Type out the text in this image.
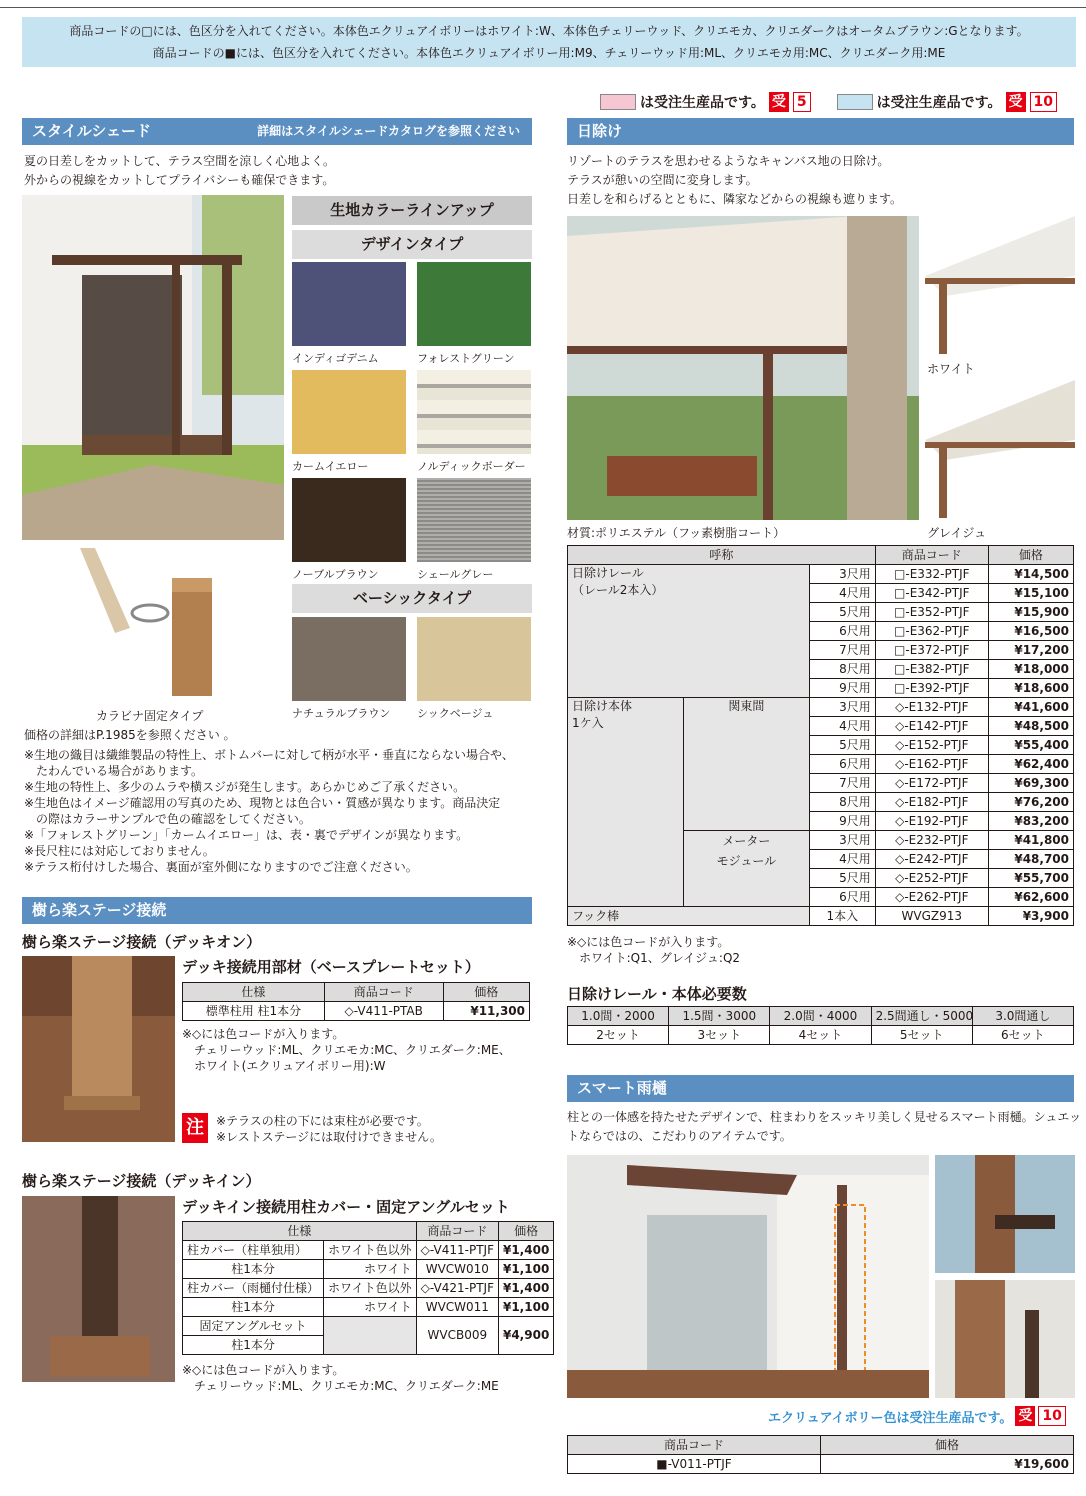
商品コードの□には、色区分を入れてください。本体色エクリュアイボリーはホワイト:W、本体色チェリーウッド、クリエモカ、クリエダークはオータムブラウン:Gとなります。
商品コードの■には、色区分を入れてください。本体色エクリュアイボリー用:M9、チェリーウッド用:ML、クリエモカ用:MC、クリエダーク用:ME
は受注生産品です。 受 5	は受注生産品です。 受 10
スタイルシェード	詳細はスタイルシェードカタログを参照ください
夏の日差しをカットして、テラス空間を涼しく心地よく。
外からの視線をカットしてプライバシーも確保できます。
カラビナ固定タイプ
生地カラーラインアップ
デザインタイプ
インディゴデニム	フォレストグリーン
カームイエロー	ノルディックボーダー
ノーブルブラウン	シェールグレー
ベーシックタイプ
ナチュラルブラウン シックベージュ
価格の詳細はP.1985を参照ください 。
※生地の織目は繊維製品の特性上、ボトムバーに対して柄が水平・垂直にならない場合や、
　たわんでいる場合があります。
※生地の特性上、多少のムラや横スジが発生します。あらかじめご了承ください。
※生地色はイメージ確認用の写真のため、現物とは色合い・質感が異なります。商品決定
　の際はカラーサンプルで色の確認をしてください。
※「フォレストグリーン」「カームイエロー」は、表・裏でデザインが異なります。
※長尺柱には対応しておりません。
※テラス桁付けした場合、裏面が室外側になりますのでご注意ください。
樹ら楽ステージ接続
樹ら楽ステージ接続（デッキオン）
デッキ接続用部材（ベースプレートセット）
仕様	商品コード	価格
標準柱用 柱1本分	◇-V411-PTAB	¥11,300
※◇には色コードが入ります。
　チェリーウッド:ML、クリエモカ:MC、クリエダーク:ME、
　ホワイト(エクリュアイボリー用):W
注	※テラスの柱の下には束柱が必要です。
※レストステージには取付けできません。
樹ら楽ステージ接続（デッキイン）
デッキイン接続用柱カバー・固定アングルセット
仕様		商品コード	価格
柱カバー（柱単独用）	ホワイト色以外	◇-V411-PTJF	¥1,400
柱1本分	ホワイト	WVCW010	¥1,100
柱カバー（雨樋付仕様）	ホワイト色以外	◇-V421-PTJF	¥1,400
柱1本分	ホワイト	WVCW011	¥1,100
固定アングルセット		WVCB009	¥4,900
柱1本分			
※◇には色コードが入ります。
　チェリーウッド:ML、クリエモカ:MC、クリエダーク:ME
日除け
リゾートのテラスを思わせるようなキャンバス地の日除け。
テラスが憩いの空間に変身します。
日差しを和らげるとともに、隣家などからの視線も遮ります。
ホワイト
グレイジュ
材質:ポリエステル（フッ素樹脂コート）
呼称			商品コード	価格

日除けレール
（レール2本入）		3尺用	□-E332-PTJF	¥14,500
		4尺用	□-E342-PTJF	¥15,100
		5尺用	□-E352-PTJF	¥15,900
		6尺用	□-E362-PTJF	¥16,500
		7尺用	□-E372-PTJF	¥17,200
		8尺用	□-E382-PTJF	¥18,000
		9尺用	□-E392-PTJF	¥18,600

日除け本体
1ケ入	関東間	3尺用	◇-E132-PTJF	¥41,600
		4尺用	◇-E142-PTJF	¥48,500
		5尺用	◇-E152-PTJF	¥55,400
		6尺用	◇-E162-PTJF	¥62,400
		7尺用	◇-E172-PTJF	¥69,300
		8尺用	◇-E182-PTJF	¥76,200
		9尺用	◇-E192-PTJF	¥83,200

	メーター
モジュール	3尺用	◇-E232-PTJF	¥41,800
		4尺用	◇-E242-PTJF	¥48,700
		5尺用	◇-E252-PTJF	¥55,700
		6尺用	◇-E262-PTJF	¥62,600
フック棒		1本入	WVGZ913	¥3,900
※◇には色コードが入ります。
　ホワイト:Q1、グレイジュ:Q2
日除けレール・本体必要数
1.0間・2000	1.5間・3000	2.0間・4000	2.5間通し・5000	3.0間通し
2セット	3セット	4セット	5セット	6セット
スマート雨樋
柱との一体感を持たせたデザインで、柱まわりをスッキリ美しく見せるスマート雨樋。シュエッ
トならではの、こだわりのアイテムです。
エクリュアイボリー色は受注生産品です。 受 10
商品コード	価格
■-V011-PTJF	¥19,600
